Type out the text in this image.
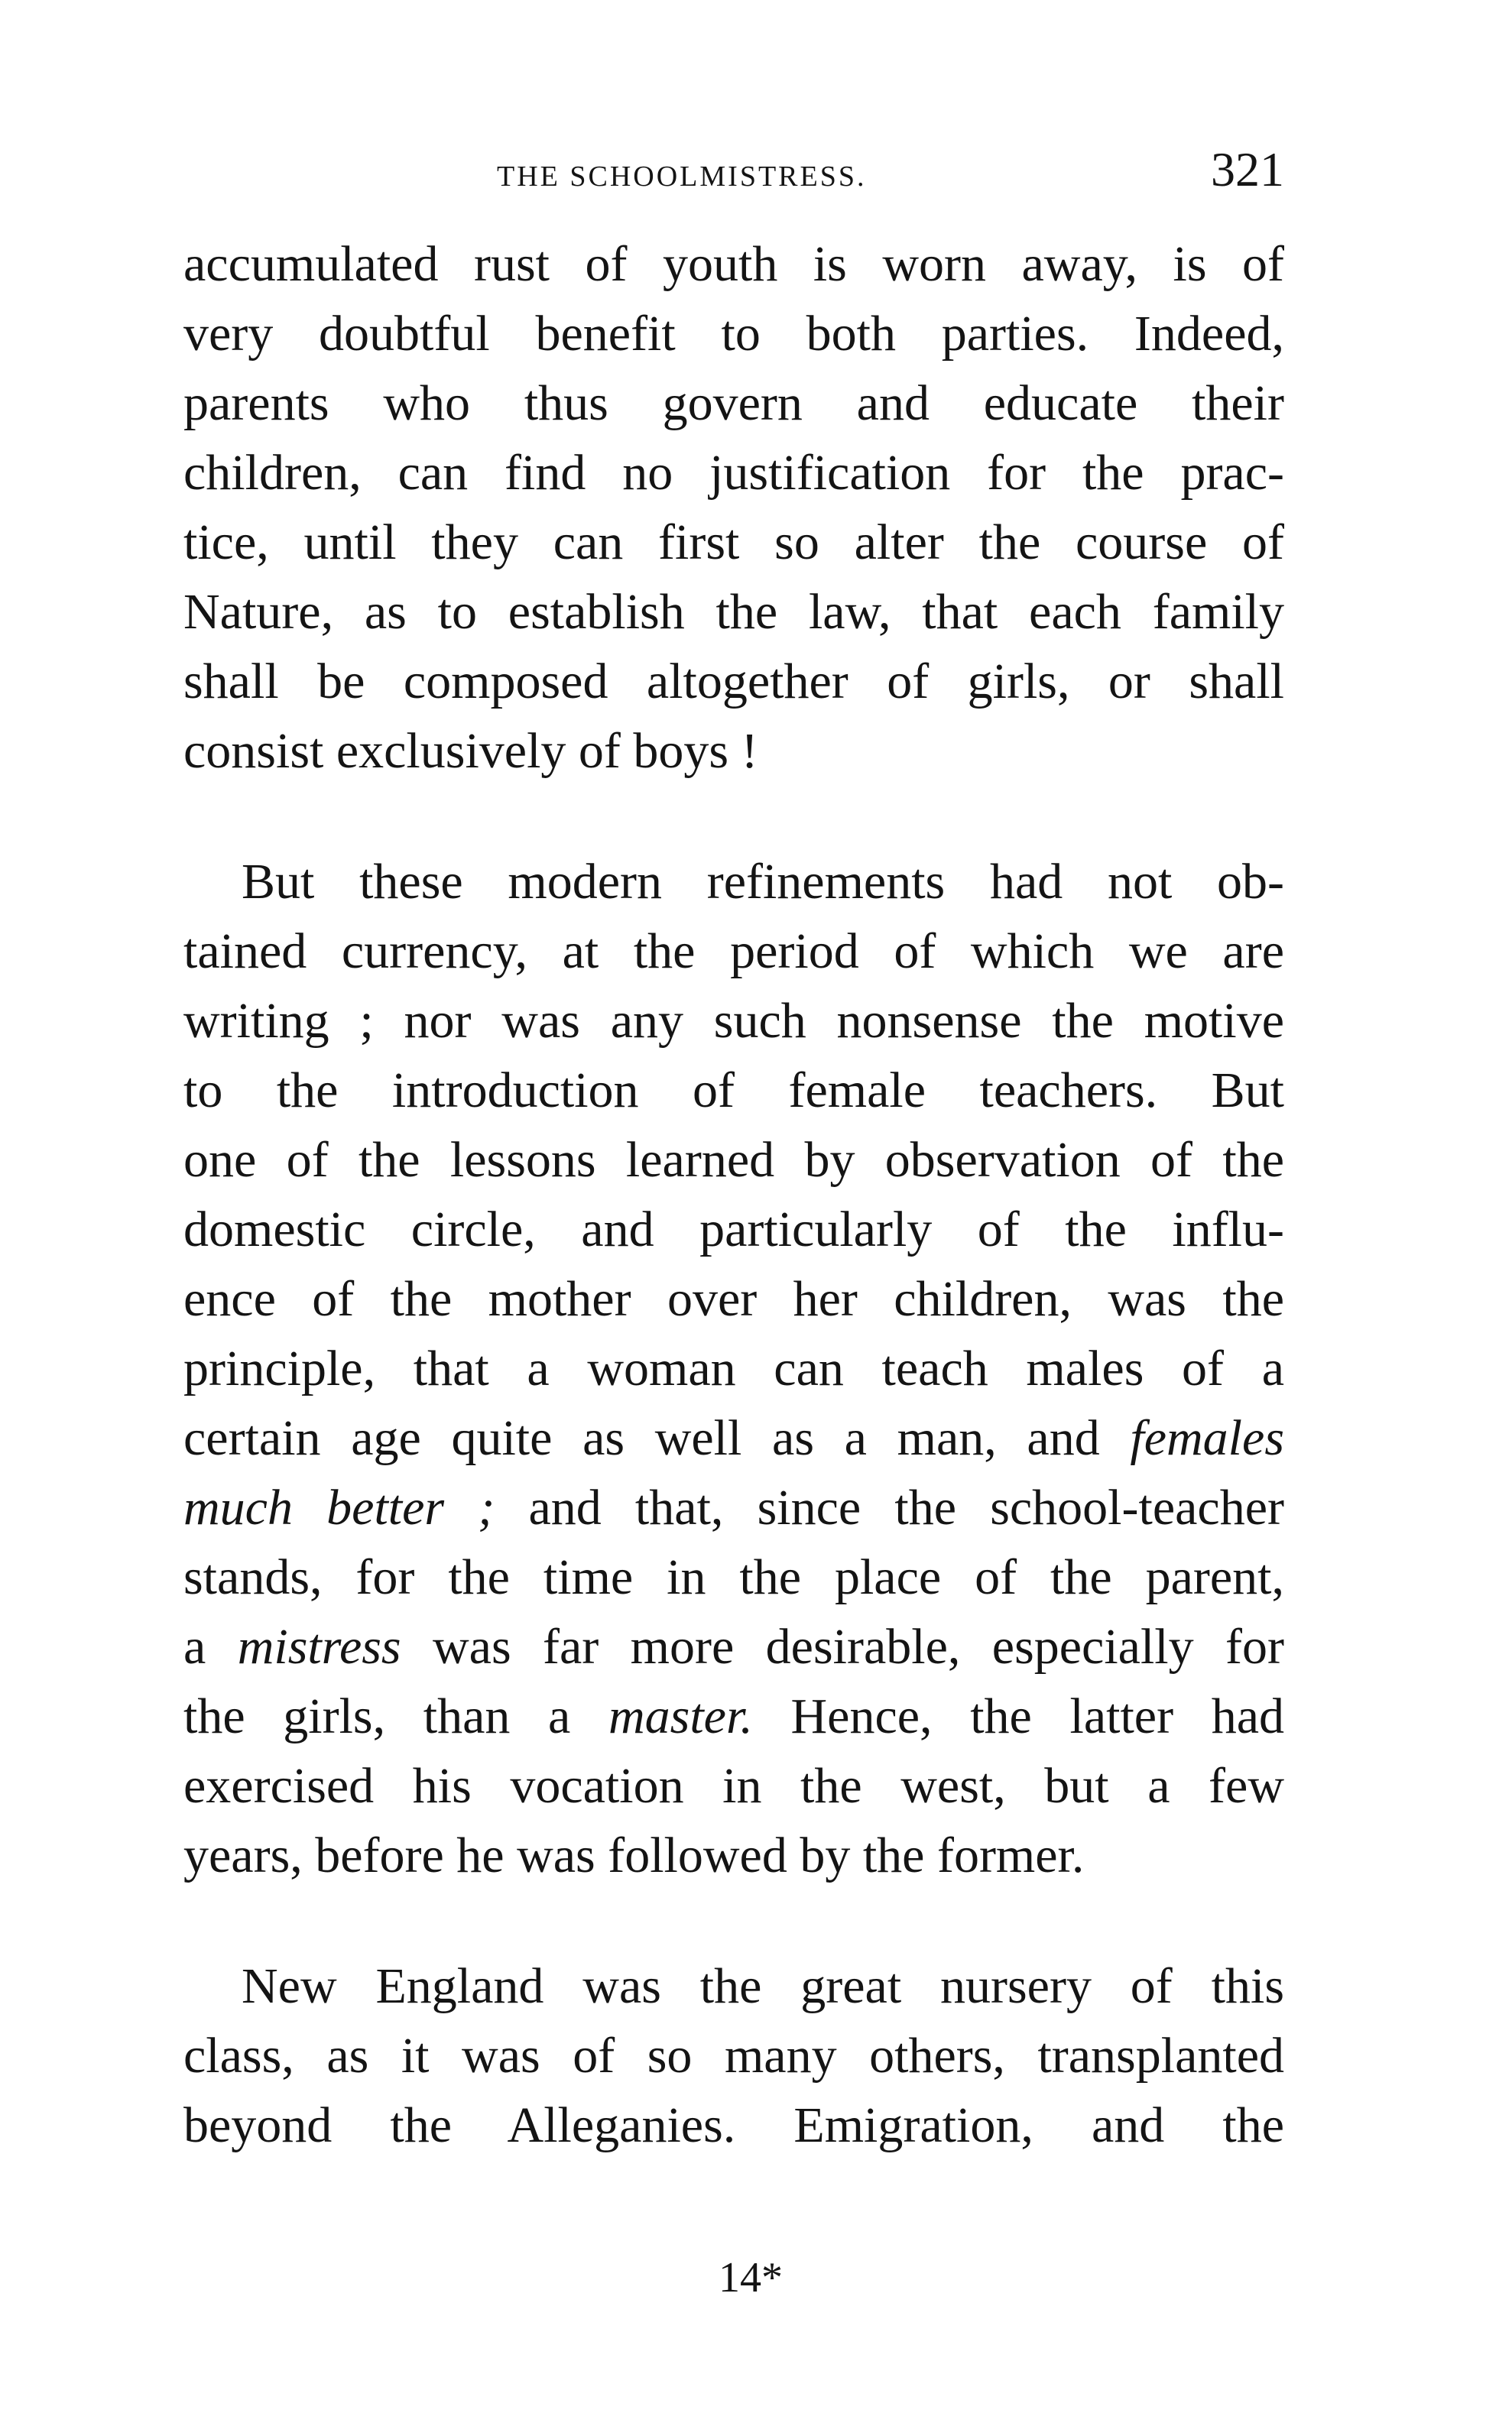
THE SCHOOLMISTRESS.	321
accumulated rust of youth is worn away, is of
very doubtful benefit to both parties. Indeed,
parents who thus govern and educate their
children, can find no justification for the prac-
tice, until they can first so alter the course of
Nature, as to establish the law, that each family
shall be composed altogether of girls, or shall
consist exclusively of boys !
But these modern refinements had not ob-
tained currency, at the period of which we are
writing ; nor was any such nonsense the motive
to the introduction of female teachers. But
one of the lessons learned by observation of the
domestic circle, and particularly of the influ-
ence of the mother over her children, was the
principle, that a woman can teach males of a
certain age quite as well as a man, and females
much better ; and that, since the school-teacher
stands, for the time in the place of the parent,
a mistress was far more desirable, especially for
the girls, than a master. Hence, the latter had
exercised his vocation in the west, but a few
years, before he was followed by the former.
New England was the great nursery of this
class, as it was of so many others, transplanted
beyond the Alleganies. Emigration, and the
14*
